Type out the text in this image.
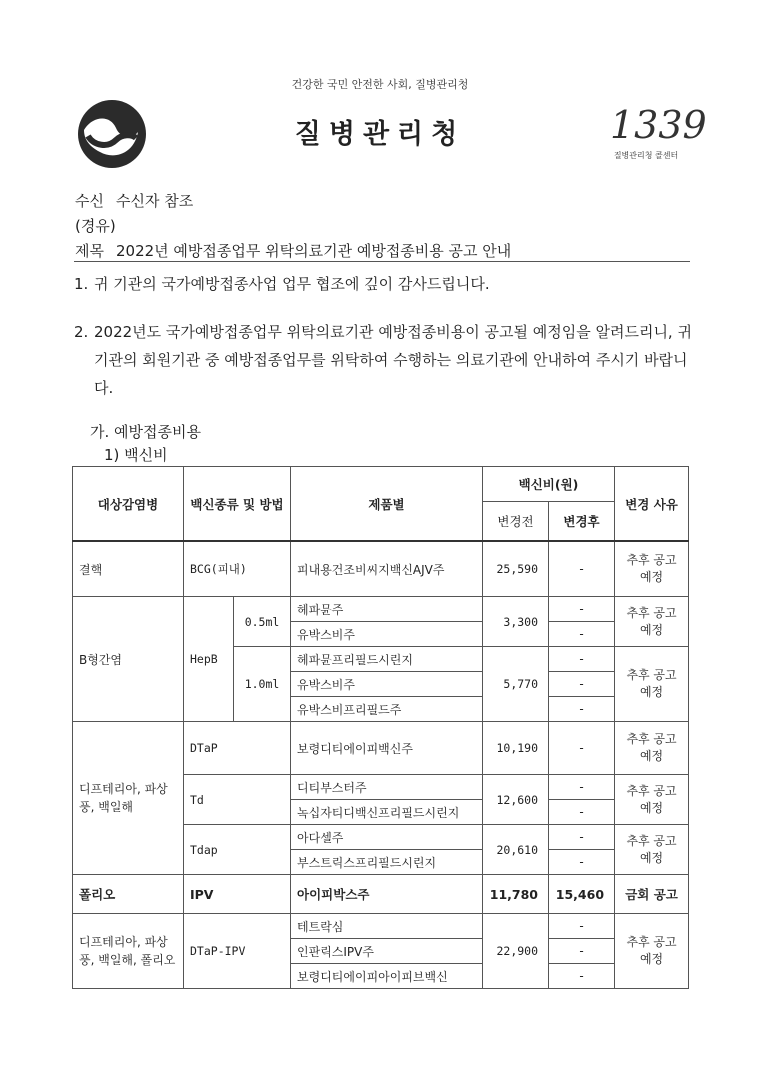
건강한 국민 안전한 사회, 질병관리청
질병관리청	1339
질병관리청 콜센터
수신 수신자 참조
(경유)
제목 2022년 예방접종업무 위탁의료기관 예방접종비용 공고 안내
1. 귀 기관의 국가예방접종사업 업무 협조에 깊이 감사드립니다.
2. 2022년도 국가예방접종업무 위탁의료기관 예방접종비용이 공고될 예정임을 알려드리니, 귀 기관의 회원기관 중 예방접종업무를 위탁하여 수행하는 의료기관에 안내하여 주시기 바랍니다.
가. 예방접종비용
1) 백신비
대상감염병	백신종류 및 방법		제품별	백신비(원)		변경 사유
				변경전	변경후	
결핵	BCG(피내)		피내용건조비씨지백신AJV주	25,590	-	추후 공고 예정
B형간염	HepB	0.5ml	헤파뮨주	3,300	-	추후 공고 예정
			유박스비주		-	
		1.0ml	헤파뮨프리필드시린지	5,770	-	추후 공고 예정
			유박스비주		-	
			유박스비프리필드주		-	
디프테리아, 파상풍, 백일해	DTaP		보령디티에이피백신주	10,190	-	추후 공고 예정
	Td		디티부스터주	12,600	-	추후 공고 예정
			녹십자티디백신프리필드시린지		-	
	Tdap		아다셀주	20,610	-	추후 공고 예정
			부스트릭스프리필드시린지		-	
폴리오	IPV		아이피박스주	11,780	15,460	금회 공고
디프테리아, 파상풍, 백일해, 폴리오	DTaP-IPV		테트락심	22,900	-	추후 공고 예정
			인판릭스IPV주		-	
			보령디티에이피아이피브백신		-	
